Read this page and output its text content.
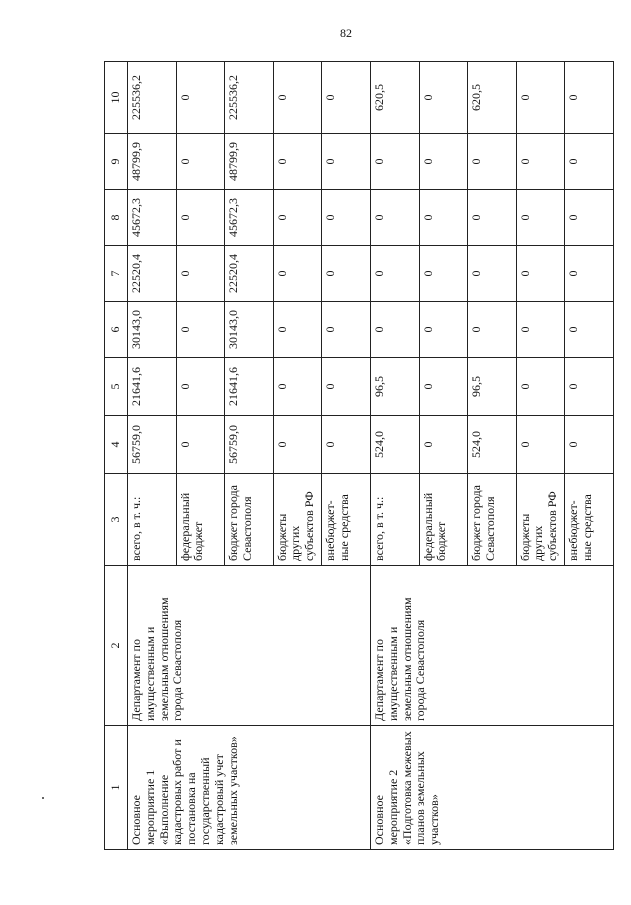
82
1	2	3	4	5	6	7	8	9	10
Основное мероприятие 1 «Выполнение кадастровых работ и постановка на государственный кадастровый учет земельных участков»	Департамент по имущественным и земельным отношениям города Севастополя	всего, в т. ч.:	56759,0	21641,6	30143,0	22520,4	45672,3	48799,9	225536,2
		федеральный бюджет	0	0	0	0	0	0	0
		бюджет города Севастополя	56759,0	21641,6	30143,0	22520,4	45672,3	48799,9	225536,2
		бюджеты других субъектов РФ	0	0	0	0	0	0	0
		внебюджет- ные средства	0	0	0	0	0	0	0
Основное мероприятие 2 «Подготовка межевых планов земельных участков»	Департамент по имущественным и земельным отношениям города Севастополя	всего, в т. ч.:	524,0	96,5	0	0	0	0	620,5
		федеральный бюджет	0	0	0	0	0	0	0
		бюджет города Севастополя	524,0	96,5	0	0	0	0	620,5
		бюджеты других субъектов РФ	0	0	0	0	0	0	0
		внебюджет- ные средства	0	0	0	0	0	0	0
